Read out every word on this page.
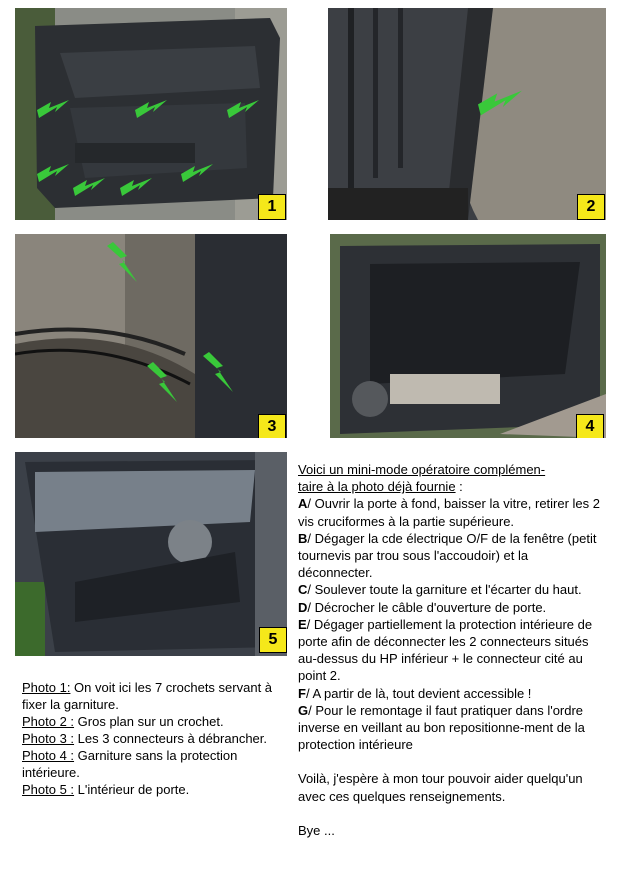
1	2
3	4
5
Photo 1: On voit ici les 7 crochets servant à fixer la garniture.
Photo 2 : Gros plan sur un crochet.
Photo 3 : Les 3 connecteurs à débrancher.
Photo 4 : Garniture sans la protection intérieure.
Photo 5 : L'intérieur de porte.

Voici un mini-mode opératoire complémen-
taire à la photo déjà fournie :

A/ Ouvrir la porte à fond, baisser la vitre, retirer les 2 vis cruciformes à la partie supérieure.

B/ Dégager la cde électrique O/F de la fenêtre (petit tournevis par trou sous l'accoudoir) et la déconnecter.

C/ Soulever toute la garniture et l'écarter du haut.

D/ Décrocher le câble d'ouverture de porte.

E/ Dégager partiellement la protection intérieure de porte afin de déconnecter les 2 connecteurs situés au-dessus du HP inférieur + le connecteur cité au point 2.

F/ A partir de là, tout devient accessible !

G/ Pour le remontage il faut pratiquer dans l'ordre inverse en veillant au bon repositionne-ment de la protection intérieure

Voilà, j'espère à mon tour pouvoir aider quelqu'un avec ces quelques renseignements.

Bye ...
